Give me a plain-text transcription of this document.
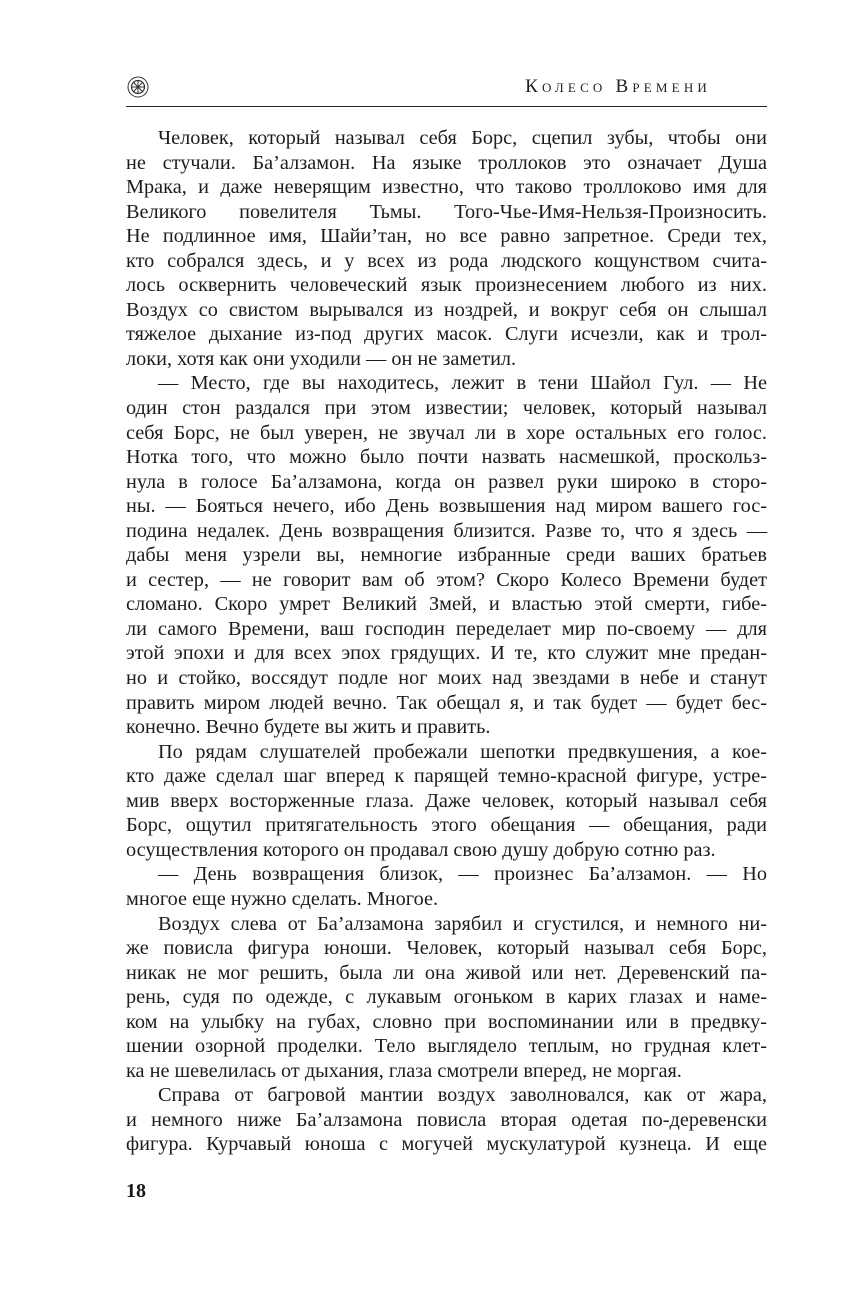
Колесо Времени
Человек, который называл себя Борс, сцепил зубы, чтобы они
не стучали. Ба’алзамон. На языке троллоков это означает Душа
Мрака, и даже неверящим известно, что таково троллоково имя для
Великого повелителя Тьмы. Того-Чье-Имя-Нельзя-Произносить.
Не подлинное имя, Шайи’тан, но все равно запретное. Среди тех,
кто собрался здесь, и у всех из рода людского кощунством счита-
лось осквернить человеческий язык произнесением любого из них.
Воздух со свистом вырывался из ноздрей, и вокруг себя он слышал
тяжелое дыхание из-под других масок. Слуги исчезли, как и трол-
локи, хотя как они уходили — он не заметил.
— Место, где вы находитесь, лежит в тени Шайол Гул. — Не
один стон раздался при этом известии; человек, который называл
себя Борс, не был уверен, не звучал ли в хоре остальных его голос.
Нотка того, что можно было почти назвать насмешкой, проскольз-
нула в голосе Ба’алзамона, когда он развел руки широко в сторо-
ны. — Бояться нечего, ибо День возвышения над миром вашего гос-
подина недалек. День возвращения близится. Разве то, что я здесь —
дабы меня узрели вы, немногие избранные среди ваших братьев
и сестер, — не говорит вам об этом? Скоро Колесо Времени будет
сломано. Скоро умрет Великий Змей, и властью этой смерти, гибе-
ли самого Времени, ваш господин переделает мир по-своему — для
этой эпохи и для всех эпох грядущих. И те, кто служит мне предан-
но и стойко, воссядут подле ног моих над звездами в небе и станут
править миром людей вечно. Так обещал я, и так будет — будет бес-
конечно. Вечно будете вы жить и править.
По рядам слушателей пробежали шепотки предвкушения, а кое-
кто даже сделал шаг вперед к парящей темно-красной фигуре, устре-
мив вверх восторженные глаза. Даже человек, который называл себя
Борс, ощутил притягательность этого обещания — обещания, ради
осуществления которого он продавал свою душу добрую сотню раз.
— День возвращения близок, — произнес Ба’алзамон. — Но
многое еще нужно сделать. Многое.
Воздух слева от Ба’алзамона зарябил и сгустился, и немного ни-
же повисла фигура юноши. Человек, который называл себя Борс,
никак не мог решить, была ли она живой или нет. Деревенский па-
рень, судя по одежде, с лукавым огоньком в карих глазах и наме-
ком на улыбку на губах, словно при воспоминании или в предвку-
шении озорной проделки. Тело выглядело теплым, но грудная клет-
ка не шевелилась от дыхания, глаза смотрели вперед, не моргая.
Справа от багровой мантии воздух заволновался, как от жара,
и немного ниже Ба’алзамона повисла вторая одетая по-деревенски
фигура. Курчавый юноша с могучей мускулатурой кузнеца. И еще
18
